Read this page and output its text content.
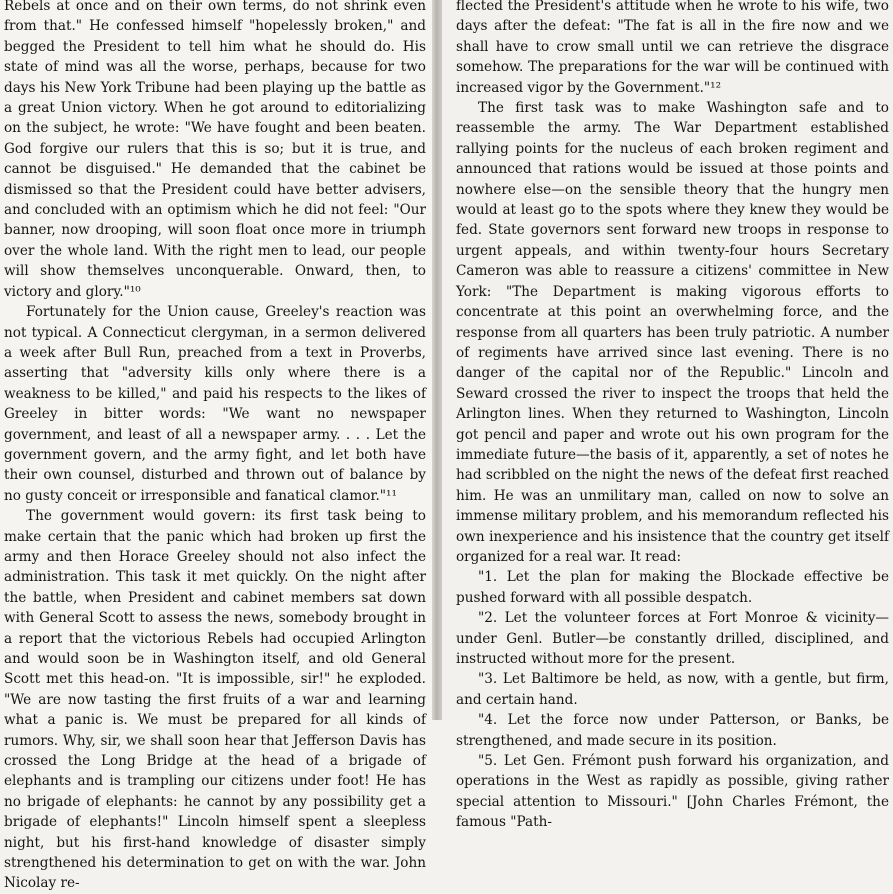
Rebels at once and on their own terms, do not shrink even from that." He confessed himself "hopelessly broken," and begged the President to tell him what he should do. His state of mind was all the worse, perhaps, because for two days his New York Tribune had been playing up the battle as a great Union victory. When he got around to editorializing on the subject, he wrote: "We have fought and been beaten. God forgive our rulers that this is so; but it is true, and cannot be disguised." He demanded that the cabinet be dismissed so that the President could have better advisers, and concluded with an optimism which he did not feel: "Our banner, now drooping, will soon float once more in triumph over the whole land. With the right men to lead, our people will show themselves unconquerable. Onward, then, to victory and glory."¹⁰

Fortunately for the Union cause, Greeley's reaction was not typical. A Connecticut clergyman, in a sermon delivered a week after Bull Run, preached from a text in Proverbs, asserting that "adversity kills only where there is a weakness to be killed," and paid his respects to the likes of Greeley in bitter words: "We want no newspaper government, and least of all a newspaper army. . . . Let the government govern, and the army fight, and let both have their own counsel, disturbed and thrown out of balance by no gusty conceit or irresponsible and fanatical clamor."¹¹

The government would govern: its first task being to make certain that the panic which had broken up first the army and then Horace Greeley should not also infect the administration. This task it met quickly. On the night after the battle, when President and cabinet members sat down with General Scott to assess the news, somebody brought in a report that the victorious Rebels had occupied Arlington and would soon be in Washington itself, and old General Scott met this head-on. "It is impossible, sir!" he exploded. "We are now tasting the first fruits of a war and learning what a panic is. We must be prepared for all kinds of rumors. Why, sir, we shall soon hear that Jefferson Davis has crossed the Long Bridge at the head of a brigade of elephants and is trampling our citizens under foot! He has no brigade of elephants: he cannot by any possibility get a brigade of elephants!" Lincoln himself spent a sleepless night, but his first-hand knowledge of disaster simply strengthened his determination to get on with the war. John Nicolay re-

flected the President's attitude when he wrote to his wife, two days after the defeat: "The fat is all in the fire now and we shall have to crow small until we can retrieve the disgrace somehow. The preparations for the war will be continued with increased vigor by the Government."¹²

The first task was to make Washington safe and to reassemble the army. The War Department established rallying points for the nucleus of each broken regiment and announced that rations would be issued at those points and nowhere else—on the sensible theory that the hungry men would at least go to the spots where they knew they would be fed. State governors sent forward new troops in response to urgent appeals, and within twenty-four hours Secretary Cameron was able to reassure a citizens' committee in New York: "The Department is making vigorous efforts to concentrate at this point an overwhelming force, and the response from all quarters has been truly patriotic. A number of regiments have arrived since last evening. There is no danger of the capital nor of the Republic." Lincoln and Seward crossed the river to inspect the troops that held the Arlington lines. When they returned to Washington, Lincoln got pencil and paper and wrote out his own program for the immediate future—the basis of it, apparently, a set of notes he had scribbled on the night the news of the defeat first reached him. He was an unmilitary man, called on now to solve an immense military problem, and his memorandum reflected his own inexperience and his insistence that the country get itself organized for a real war. It read:

"1. Let the plan for making the Blockade effective be pushed forward with all possible despatch.

"2. Let the volunteer forces at Fort Monroe & vicinity—under Genl. Butler—be constantly drilled, disciplined, and instructed without more for the present.

"3. Let Baltimore be held, as now, with a gentle, but firm, and certain hand.

"4. Let the force now under Patterson, or Banks, be strengthened, and made secure in its position.

"5. Let Gen. Frémont push forward his organization, and operations in the West as rapidly as possible, giving rather special attention to Missouri." [John Charles Frémont, the famous "Path-
